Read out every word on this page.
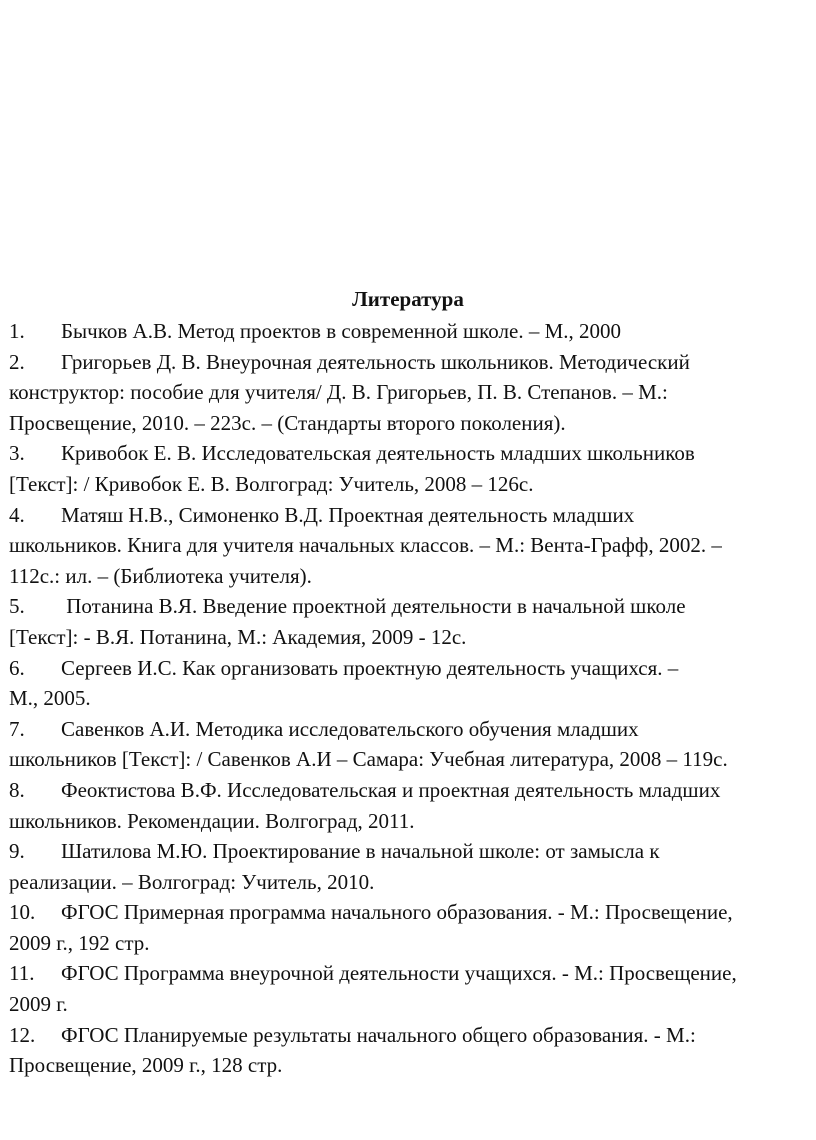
Литература
1. Бычков А.В. Метод проектов в современной школе. – М., 2000
2. Григорьев Д. В. Внеурочная деятельность школьников. Методический
конструктор: пособие для учителя/ Д. В. Григорьев, П. В. Степанов. – М.:
Просвещение, 2010. – 223с. – (Стандарты второго поколения).
3. Кривобок Е. В. Исследовательская деятельность младших школьников
[Текст]: / Кривобок Е. В. Волгоград: Учитель, 2008 – 126с.
4. Матяш Н.В., Симоненко В.Д. Проектная деятельность младших
школьников. Книга для учителя начальных классов. – М.: Вента-Графф, 2002. –
112с.: ил. – (Библиотека учителя).
5. Потанина В.Я. Введение проектной деятельности в начальной школе
[Текст]: - В.Я. Потанина, М.: Академия, 2009 - 12с.
6. Сергеев И.С. Как организовать проектную деятельность учащихся. –
М., 2005.
7. Савенков А.И. Методика исследовательского обучения младших
школьников [Текст]: / Савенков А.И – Самара: Учебная литература, 2008 – 119с.
8. Феоктистова В.Ф. Исследовательская и проектная деятельность младших
школьников. Рекомендации. Волгоград, 2011.
9. Шатилова М.Ю. Проектирование в начальной школе: от замысла к
реализации. – Волгоград: Учитель, 2010.
10. ФГОС Примерная программа начального образования. - М.: Просвещение,
2009 г., 192 стр.
11. ФГОС Программа внеурочной деятельности учащихся. - М.: Просвещение,
2009 г.
12. ФГОС Планируемые результаты начального общего образования. - М.:
Просвещение, 2009 г., 128 стр.
